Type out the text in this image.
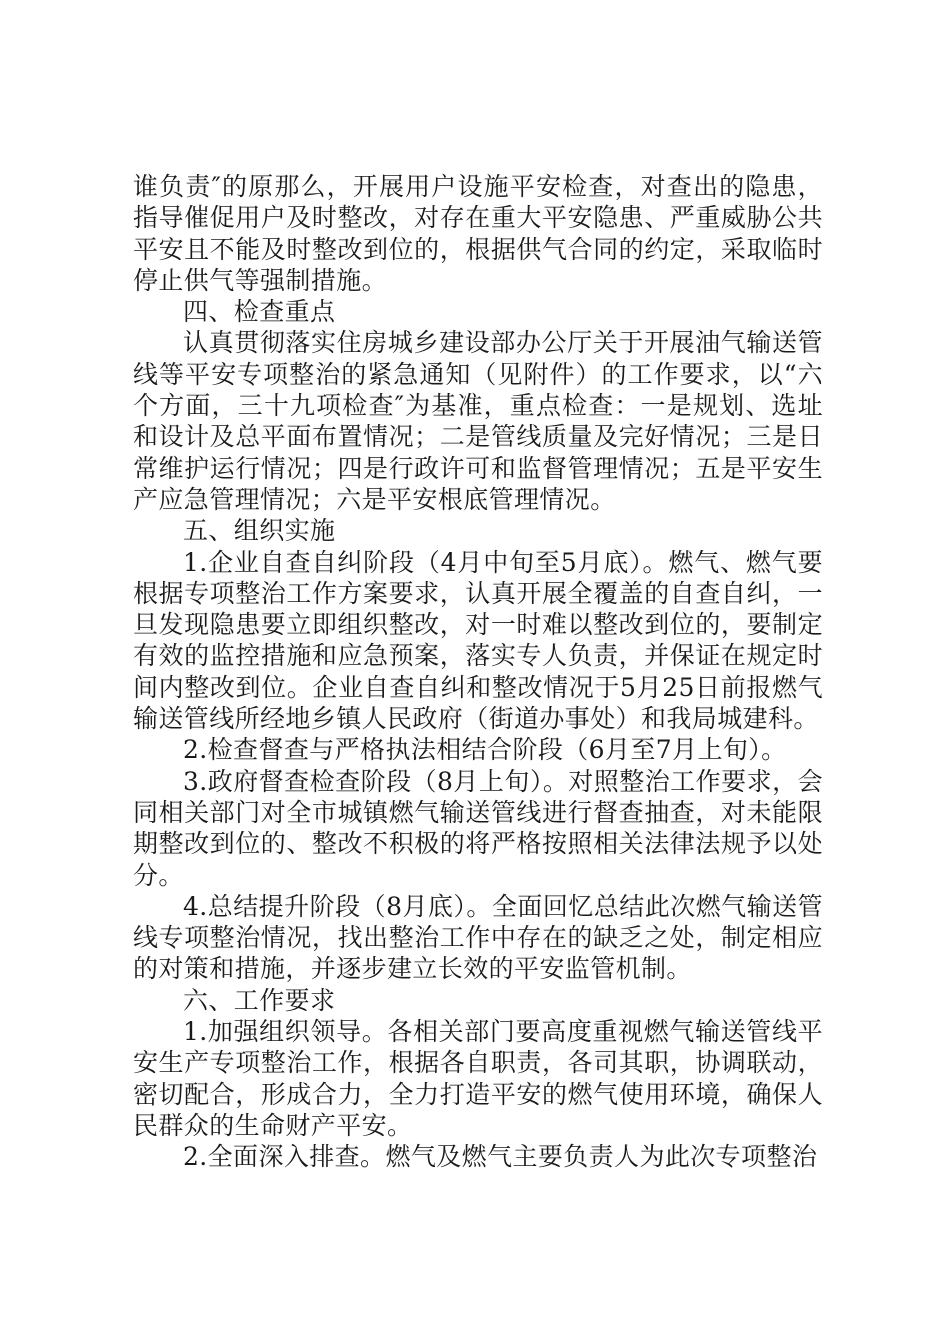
谁负责″的原那么，开展用户设施平安检查，对查出的隐患，指导催促用户及时整改，对存在重大平安隐患、严重威胁公共平安且不能及时整改到位的，根据供气合同的约定，采取临时停止供气等强制措施。

四、检查重点

认真贯彻落实住房城乡建设部办公厅关于开展油气输送管线等平安专项整治的紧急通知（见附件）的工作要求，以“六个方面，三十九项检查″为基准，重点检查：一是规划、选址和设计及总平面布置情况；二是管线质量及完好情况；三是日常维护运行情况；四是行政许可和监督管理情况；五是平安生产应急管理情况；六是平安根底管理情况。

五、组织实施

1.企业自查自纠阶段（4月中旬至5月底）。燃气、燃气要根据专项整治工作方案要求，认真开展全覆盖的自查自纠，一旦发现隐患要立即组织整改，对一时难以整改到位的，要制定有效的监控措施和应急预案，落实专人负责，并保证在规定时间内整改到位。企业自查自纠和整改情况于5月25日前报燃气输送管线所经地乡镇人民政府（街道办事处）和我局城建科。

2.检查督查与严格执法相结合阶段（6月至7月上旬）。

3.政府督查检查阶段（8月上旬）。对照整治工作要求，会同相关部门对全市城镇燃气输送管线进行督查抽查，对未能限期整改到位的、整改不积极的将严格按照相关法律法规予以处分。

4.总结提升阶段（8月底）。全面回忆总结此次燃气输送管线专项整治情况，找出整治工作中存在的缺乏之处，制定相应的对策和措施，并逐步建立长效的平安监管机制。

六、工作要求

1.加强组织领导。各相关部门要高度重视燃气输送管线平安生产专项整治工作，根据各自职责，各司其职，协调联动，密切配合，形成合力，全力打造平安的燃气使用环境，确保人民群众的生命财产平安。

2.全面深入排查。燃气及燃气主要负责人为此次专项整治
